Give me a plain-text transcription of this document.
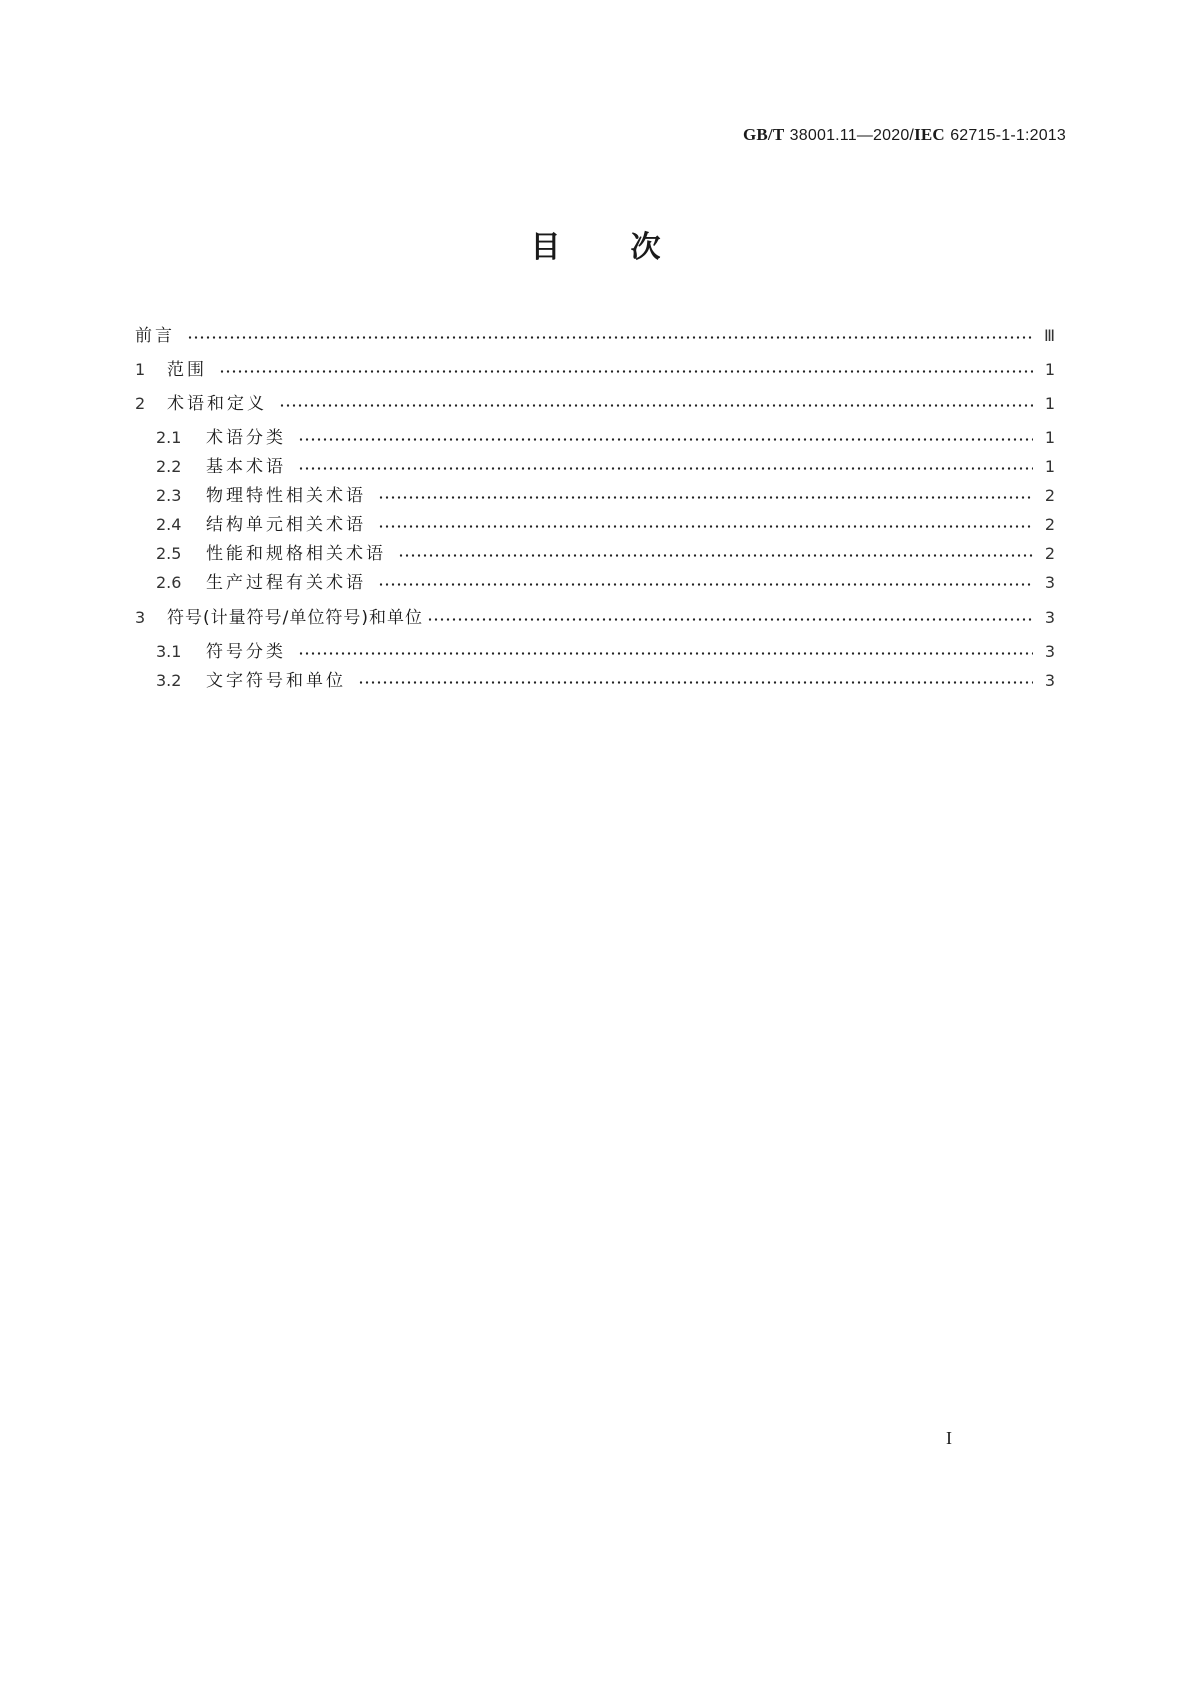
GB/T 38001.11—2020/IEC 62715-1-1:2013
目次
前言	Ⅲ
1	范围	1
2	术语和定义	1
2.1	术语分类	1
2.2	基本术语	1
2.3	物理特性相关术语	2
2.4	结构单元相关术语	2
2.5	性能和规格相关术语	2
2.6	生产过程有关术语	3
3	符号(计量符号/单位符号)和单位	3
3.1	符号分类	3
3.2	文字符号和单位	3
I
